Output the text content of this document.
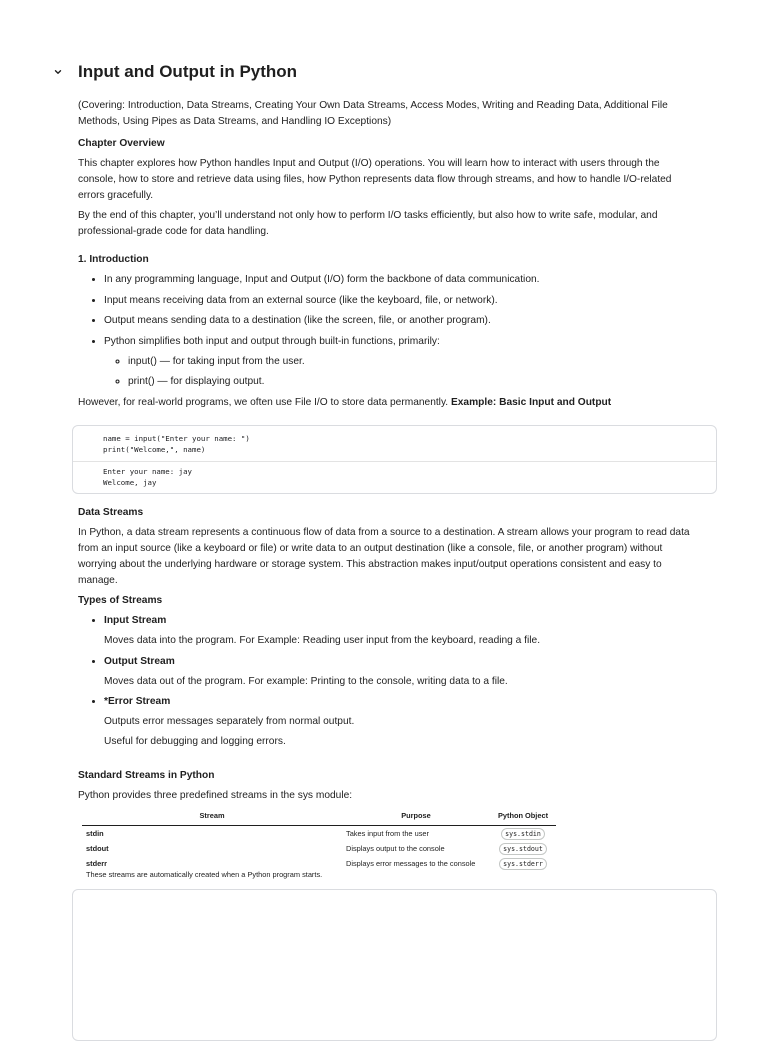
Input and Output in Python

(Covering: Introduction, Data Streams, Creating Your Own Data Streams, Access Modes, Writing and Reading Data, Additional File Methods, Using Pipes as Data Streams, and Handling IO Exceptions)

Chapter Overview

This chapter explores how Python handles Input and Output (I/O) operations. You will learn how to interact with users through the console, how to store and retrieve data using files, how Python represents data flow through streams, and how to handle I/O-related errors gracefully.

By the end of this chapter, you’ll understand not only how to perform I/O tasks efficiently, but also how to write safe, modular, and professional-grade code for data handling.

1. Introduction

• In any programming language, Input and Output (I/O) form the backbone of data communication.
• Input means receiving data from an external source (like the keyboard, file, or network).
• Output means sending data to a destination (like the screen, file, or another program).
• Python simplifies both input and output through built-in functions, primarily:
◦ input() — for taking input from the user.
◦ print() — for displaying output.

However, for real-world programs, we often use File I/O to store data permanently. Example: Basic Input and Output

name = input("Enter your name: ")
print("Welcome,", name)
Enter your name: jay
Welcome, jay

Data Streams

In Python, a data stream represents a continuous flow of data from a source to a destination. A stream allows your program to read data from an input source (like a keyboard or file) or write data to an output destination (like a console, file, or another program) without worrying about the underlying hardware or storage system. This abstraction makes input/output operations consistent and easy to manage.

Types of Streams

• Input Stream

Moves data into the program. For Example: Reading user input from the keyboard, reading a file.

• Output Stream

Moves data out of the program. For example: Printing to the console, writing data to a file.

• *Error Stream

Outputs error messages separately from normal output.

Useful for debugging and logging errors.

Standard Streams in Python

Python provides three predefined streams in the sys module:

Stream	Purpose	Python Object
stdin	Takes input from the user	sys.stdin
stdout	Displays output to the console	sys.stdout
stderr	Displays error messages to the console	sys.stderr

These streams are automatically created when a Python program starts.
